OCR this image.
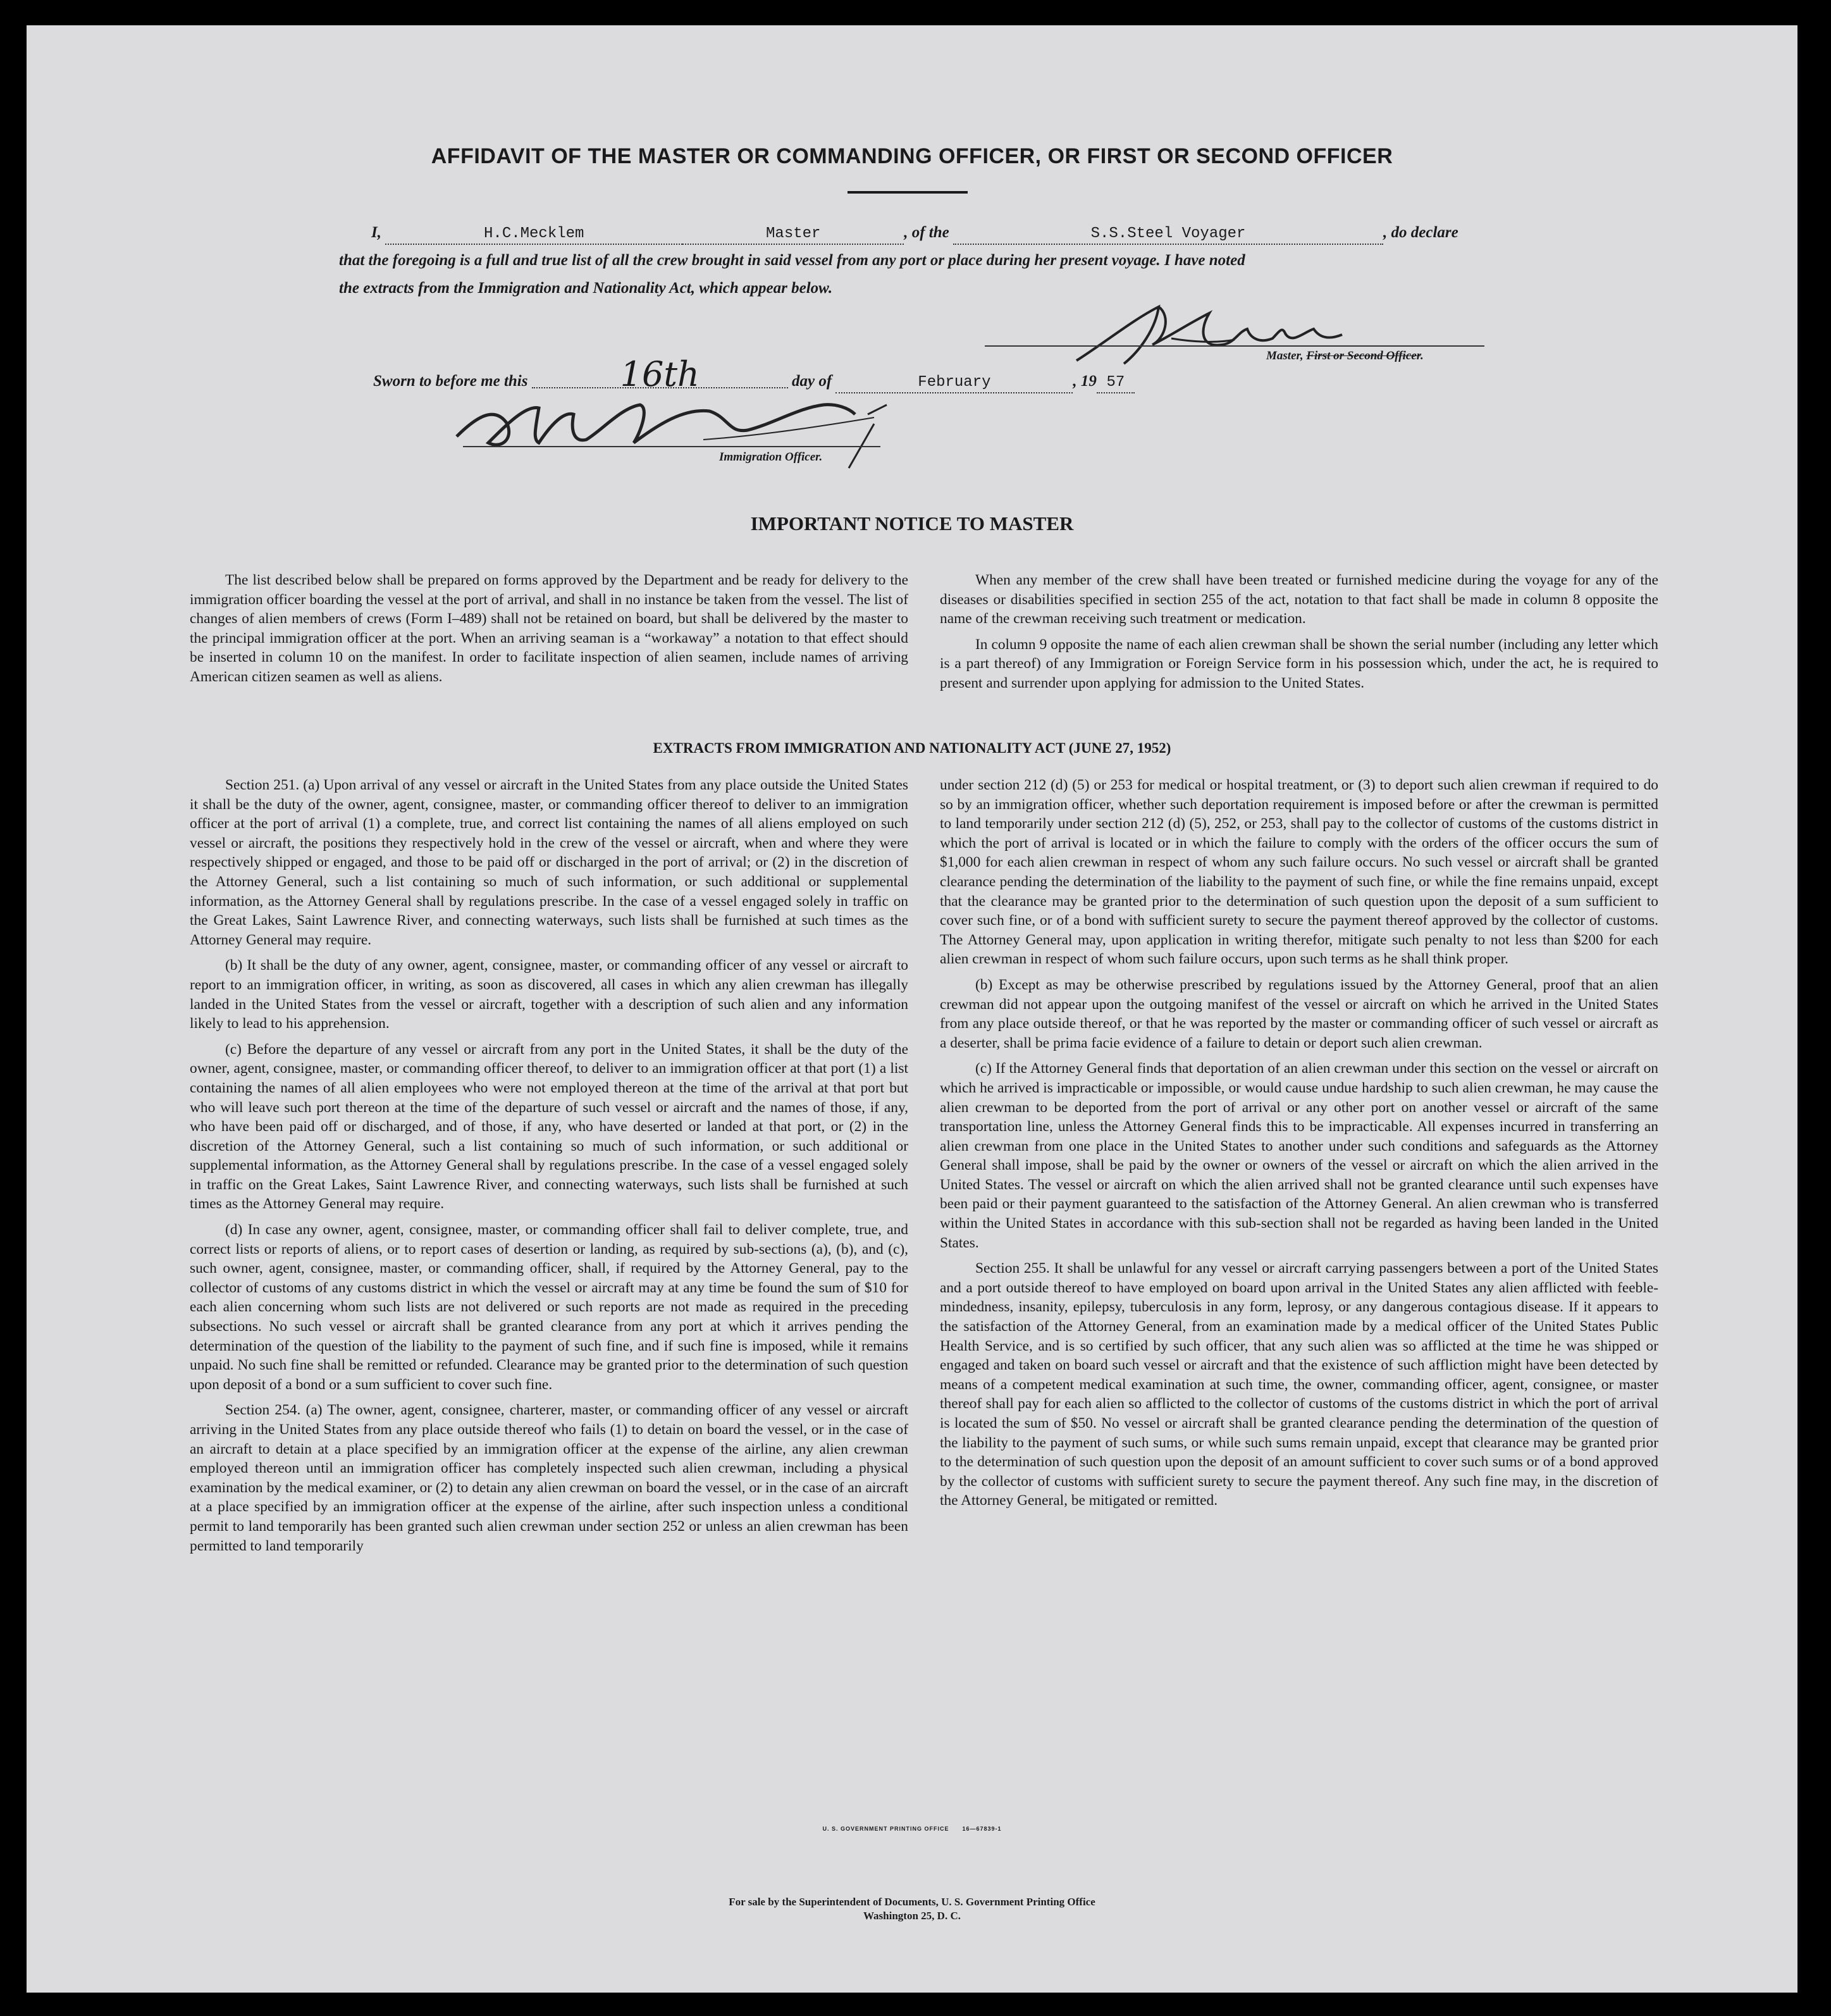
AFFIDAVIT OF THE MASTER OR COMMANDING OFFICER, OR FIRST OR SECOND OFFICER
I,	H.C.Mecklem	Master	, of the	S.S.Steel Voyager	, do declare
that the foregoing is a full and true list of all the crew brought in said vessel from any port or place during her present voyage. I have noted
the extracts from the Immigration and Nationality Act, which appear below.
Master, First or Second Officer.
Sworn to before me this	16th	day of	February	, 19 57
Immigration Officer.
IMPORTANT NOTICE TO MASTER

The list described below shall be prepared on forms approved by the Department and be ready for delivery to the immigration officer boarding the vessel at the port of arrival, and shall in no instance be taken from the vessel. The list of changes of alien members of crews (Form I–489) shall not be retained on board, but shall be delivered by the master to the principal immigration officer at the port. When an arriving seaman is a “workaway” a notation to that effect should be inserted in column 10 on the manifest. In order to facilitate inspection of alien seamen, include names of arriving American citizen seamen as well as aliens.

When any member of the crew shall have been treated or furnished medicine during the voyage for any of the diseases or disabilities specified in section 255 of the act, notation to that fact shall be made in column 8 opposite the name of the crewman receiving such treatment or medication.

In column 9 opposite the name of each alien crewman shall be shown the serial number (including any letter which is a part thereof) of any Immigration or Foreign Service form in his possession which, under the act, he is required to present and surrender upon applying for admission to the United States.

EXTRACTS FROM IMMIGRATION AND NATIONALITY ACT (JUNE 27, 1952)

Section 251. (a) Upon arrival of any vessel or aircraft in the United States from any place outside the United States it shall be the duty of the owner, agent, consignee, master, or commanding officer thereof to deliver to an immigration officer at the port of arrival (1) a complete, true, and correct list containing the names of all aliens employed on such vessel or aircraft, the positions they respectively hold in the crew of the vessel or aircraft, when and where they were respectively shipped or engaged, and those to be paid off or discharged in the port of arrival; or (2) in the discretion of the Attorney General, such a list containing so much of such information, or such additional or supplemental information, as the Attorney General shall by regulations prescribe. In the case of a vessel engaged solely in traffic on the Great Lakes, Saint Lawrence River, and connecting waterways, such lists shall be furnished at such times as the Attorney General may require.

(b) It shall be the duty of any owner, agent, consignee, master, or commanding officer of any vessel or aircraft to report to an immigration officer, in writing, as soon as discovered, all cases in which any alien crewman has illegally landed in the United States from the vessel or aircraft, together with a description of such alien and any information likely to lead to his apprehension.

(c) Before the departure of any vessel or aircraft from any port in the United States, it shall be the duty of the owner, agent, consignee, master, or commanding officer thereof, to deliver to an immigration officer at that port (1) a list containing the names of all alien employees who were not employed thereon at the time of the arrival at that port but who will leave such port thereon at the time of the departure of such vessel or aircraft and the names of those, if any, who have been paid off or discharged, and of those, if any, who have deserted or landed at that port, or (2) in the discretion of the Attorney General, such a list containing so much of such information, or such additional or supplemental information, as the Attorney General shall by regulations prescribe. In the case of a vessel engaged solely in traffic on the Great Lakes, Saint Lawrence River, and connecting waterways, such lists shall be furnished at such times as the Attorney General may require.

(d) In case any owner, agent, consignee, master, or commanding officer shall fail to deliver complete, true, and correct lists or reports of aliens, or to report cases of desertion or landing, as required by sub-sections (a), (b), and (c), such owner, agent, consignee, master, or commanding officer, shall, if required by the Attorney General, pay to the collector of customs of any customs district in which the vessel or aircraft may at any time be found the sum of $10 for each alien concerning whom such lists are not delivered or such reports are not made as required in the preceding subsections. No such vessel or aircraft shall be granted clearance from any port at which it arrives pending the determination of the question of the liability to the payment of such fine, and if such fine is imposed, while it remains unpaid. No such fine shall be remitted or refunded. Clearance may be granted prior to the determination of such question upon deposit of a bond or a sum sufficient to cover such fine.

Section 254. (a) The owner, agent, consignee, charterer, master, or commanding officer of any vessel or aircraft arriving in the United States from any place outside thereof who fails (1) to detain on board the vessel, or in the case of an aircraft to detain at a place specified by an immigration officer at the expense of the airline, any alien crewman employed thereon until an immigration officer has completely inspected such alien crewman, including a physical examination by the medical examiner, or (2) to detain any alien crewman on board the vessel, or in the case of an aircraft at a place specified by an immigration officer at the expense of the airline, after such inspection unless a conditional permit to land temporarily has been granted such alien crewman under section 252 or unless an alien crewman has been permitted to land temporarily

under section 212 (d) (5) or 253 for medical or hospital treatment, or (3) to deport such alien crewman if required to do so by an immigration officer, whether such deportation requirement is imposed before or after the crewman is permitted to land temporarily under section 212 (d) (5), 252, or 253, shall pay to the collector of customs of the customs district in which the port of arrival is located or in which the failure to comply with the orders of the officer occurs the sum of $1,000 for each alien crewman in respect of whom any such failure occurs. No such vessel or aircraft shall be granted clearance pending the determination of the liability to the payment of such fine, or while the fine remains unpaid, except that the clearance may be granted prior to the determination of such question upon the deposit of a sum sufficient to cover such fine, or of a bond with sufficient surety to secure the payment thereof approved by the collector of customs. The Attorney General may, upon application in writing therefor, mitigate such penalty to not less than $200 for each alien crewman in respect of whom such failure occurs, upon such terms as he shall think proper.

(b) Except as may be otherwise prescribed by regulations issued by the Attorney General, proof that an alien crewman did not appear upon the outgoing manifest of the vessel or aircraft on which he arrived in the United States from any place outside thereof, or that he was reported by the master or commanding officer of such vessel or aircraft as a deserter, shall be prima facie evidence of a failure to detain or deport such alien crewman.

(c) If the Attorney General finds that deportation of an alien crewman under this section on the vessel or aircraft on which he arrived is impracticable or impossible, or would cause undue hardship to such alien crewman, he may cause the alien crewman to be deported from the port of arrival or any other port on another vessel or aircraft of the same transportation line, unless the Attorney General finds this to be impracticable. All expenses incurred in transferring an alien crewman from one place in the United States to another under such conditions and safeguards as the Attorney General shall impose, shall be paid by the owner or owners of the vessel or aircraft on which the alien arrived in the United States. The vessel or aircraft on which the alien arrived shall not be granted clearance until such expenses have been paid or their payment guaranteed to the satisfaction of the Attorney General. An alien crewman who is transferred within the United States in accordance with this sub-section shall not be regarded as having been landed in the United States.

Section 255. It shall be unlawful for any vessel or aircraft carrying passengers between a port of the United States and a port outside thereof to have employed on board upon arrival in the United States any alien afflicted with feeble-mindedness, insanity, epilepsy, tuberculosis in any form, leprosy, or any dangerous contagious disease. If it appears to the satisfaction of the Attorney General, from an examination made by a medical officer of the United States Public Health Service, and is so certified by such officer, that any such alien was so afflicted at the time he was shipped or engaged and taken on board such vessel or aircraft and that the existence of such affliction might have been detected by means of a competent medical examination at such time, the owner, commanding officer, agent, consignee, or master thereof shall pay for each alien so afflicted to the collector of customs of the customs district in which the port of arrival is located the sum of $50. No vessel or aircraft shall be granted clearance pending the determination of the question of the liability to the payment of such sums, or while such sums remain unpaid, except that clearance may be granted prior to the determination of such question upon the deposit of an amount sufficient to cover such sums or of a bond approved by the collector of customs with sufficient surety to secure the payment thereof. Any such fine may, in the discretion of the Attorney General, be mitigated or remitted.

U. S. GOVERNMENT PRINTING OFFICE      16—67839-1
For sale by the Superintendent of Documents, U. S. Government Printing Office
Washington 25, D. C.
